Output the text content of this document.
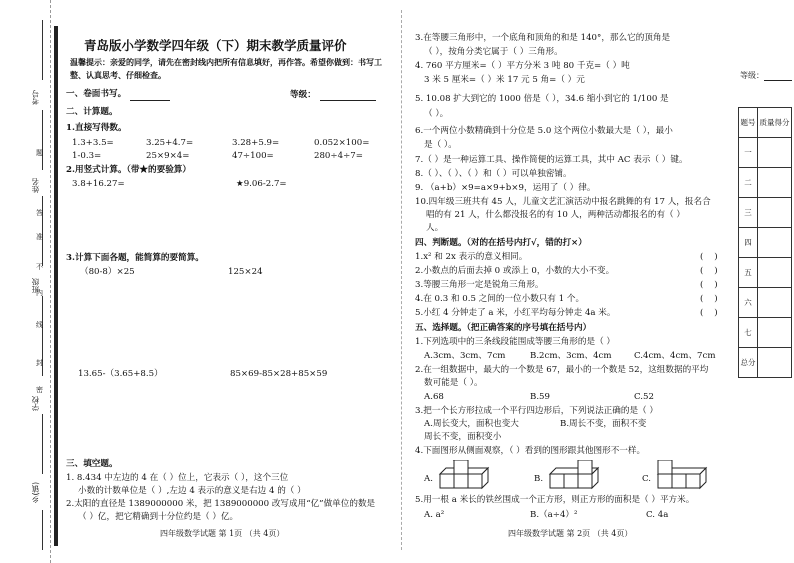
考号
姓名
班级
学校
乡(镇)
题
答
准
不
内
线
封
密
青岛版小学数学四年级（下）期末教学质量评价
温馨提示：亲爱的同学，请先在密封线内把所有信息填好，再作答。希望你做到：书写工整、认真思考、仔细检查。
一、卷面书写。	等级：
二、计算题。
1.直接写得数。
1.3+3.5=	3.25+4.7=	3.28+5.9=	0.052×100=
1-0.3=	25×9×4=	47÷100=	280÷4÷7=
2.用竖式计算。（带★的要验算）
3.8+16.27=	★9.06-2.7=
3.计算下面各题，能简算的要简算。
（80-8）×25	125×24
13.65-（3.65+8.5）	85×69-85×28+85×59
三、填空题。
1. 8.434 中左边的 4 在（ ）位上，它表示（ ），这个三位
小数的计数单位是（ ）,左边 4 表示的意义是右边 4 的（ ）
2.太阳的直径是 1389000000 米，把 1389000000 改写成用“亿”做单位的数是
（ ）亿，把它精确到十分位约是（ ）亿。
四年级数学试题 第 1页 （共 4页）
3.在等腰三角形中，一个底角和顶角的和是 140°，那么它的顶角是
（ ），按角分类它属于（ ）三角形。
4. 760 平方厘米=（ ）平方分米 3 吨 80 千克=（ ）吨
3 米 5 厘米=（ ）米 17 元 5 角=（ ）元
5. 10.08 扩大到它的 1000 倍是（ ），34.6 缩小到它的 1/100 是
（ ）。
6.一个两位小数精确到十分位是 5.0 这个两位小数最大是（ ），最小
是（ ）。
7.（ ）是一种运算工具、操作简便的运算工具，其中 AC 表示（ ）键。
8.（ ）、（ ）、（ ）和（ ）可以单独密铺。
9. （a+b）×9=a×9+b×9，运用了（ ）律。
10.四年级三班共有 45 人，儿童文艺汇演活动中报名跳舞的有 17 人，报名合
唱的有 21 人，什么都没报名的有 10 人，两种活动都报名的有（ ）
人。
四、判断题。（对的在括号内打√，错的打×）
1.x² 和 2x 表示的意义相同。
2.小数点的后面去掉 0 或添上 0，小数的大小不变。
3.等腰三角形一定是锐角三角形。
4.在 0.3 和 0.5 之间的一位小数只有 1 个。
5.小红 4 分钟走了 a 米，小红平均每分钟走 4a 米。
(    )
(    )
(    )
(    )
(    )
五、选择题。（把正确答案的序号填在括号内）
1.下列选项中的三条线段能围成等腰三角形的是（ ）
A.3cm、3cm、7cm	B.2cm、3cm、4cm	C.4cm、4cm、7cm
2.在一组数据中，最大的一个数是 67，最小的一个数是 52，这组数据的平均
数可能是（ ）。
A.68	B.59	C.52
3.把一个长方形拉成一个平行四边形后，下列说法正确的是（ ）
A.周长变大，面积也变大	B.周长不变，面积不变
周长不变，面积变小
4.下面图形从侧面观察，（ ）看到的图形跟其他图形不一样。
A.	B.	C.
5.用一根 a 米长的铁丝围成一个正方形，则正方形的面积是（ ）平方米。
A. a²	B.（a÷4）²	C. 4a
四年级数学试题 第 2页 （共 4页）
等级：
题号	质量得分
一	
二	
三	
四	
五	
六	
七	
总分	
